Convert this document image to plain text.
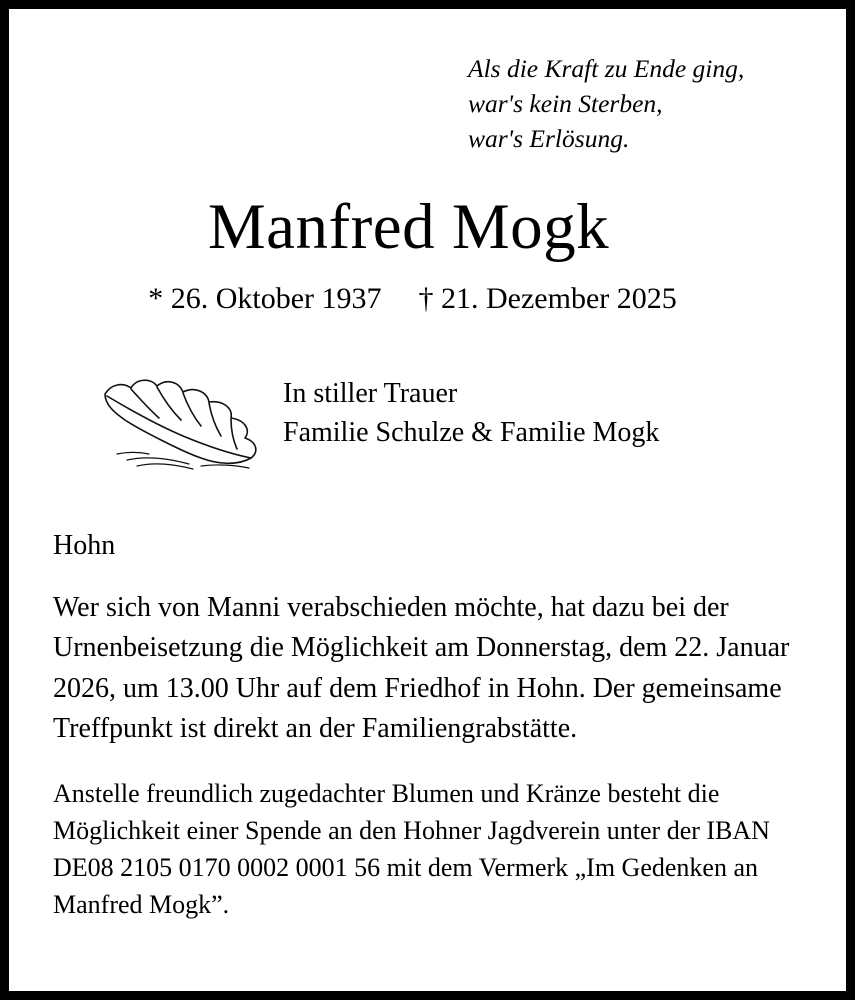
Als die Kraft zu Ende ging,
war's kein Sterben,
war's Erlösung.
Manfred Mogk
* 26. Oktober 1937 † 21. Dezember 2025
In stiller Trauer
Familie Schulze & Familie Mogk
Hohn
Wer sich von Manni verabschieden möchte, hat dazu bei der Urnenbeisetzung die Möglichkeit am Donnerstag, dem 22. Januar 2026, um 13.00 Uhr auf dem Friedhof in Hohn. Der gemeinsame Treffpunkt ist direkt an der Familiengrabstätte.
Anstelle freundlich zugedachter Blumen und Kränze besteht die Möglichkeit einer Spende an den Hohner Jagdverein unter der IBAN DE08 2105 0170 0002 0001 56 mit dem Vermerk „Im Gedenken an Manfred Mogk”.
